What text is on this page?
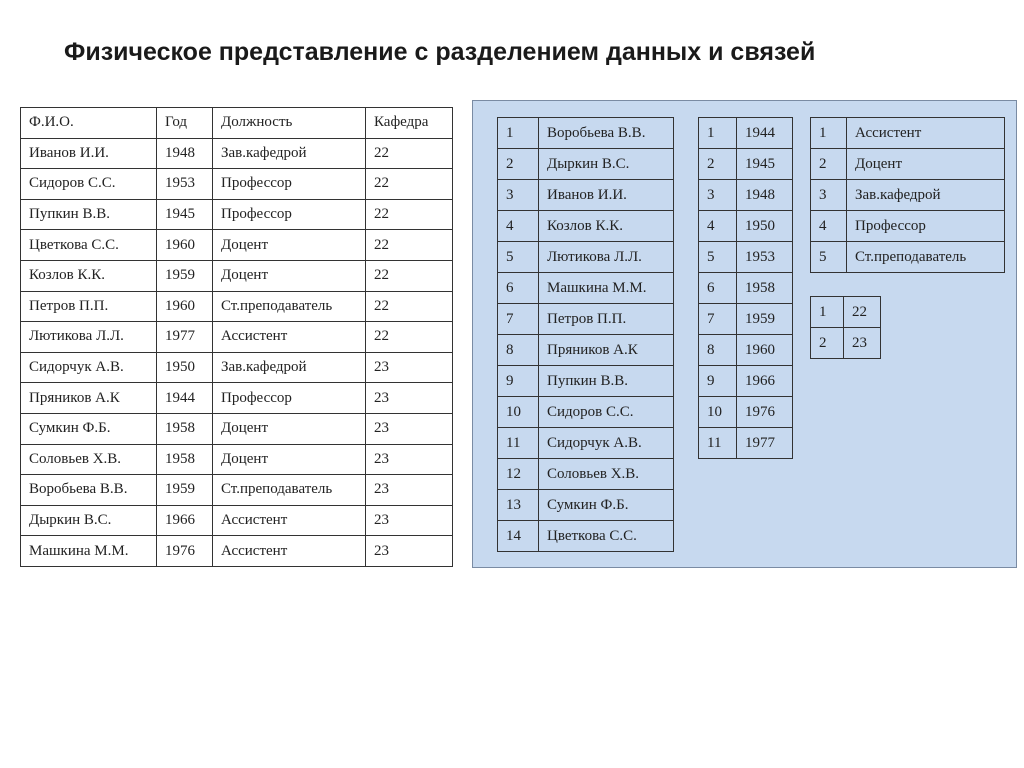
Физическое представление с разделением данных и связей
Ф.И.О.	Год	Должность	Кафедра
Иванов И.И.	1948	Зав.кафедрой	22
Сидоров С.С.	1953	Профессор	22
Пупкин В.В.	1945	Профессор	22
Цветкова С.С.	1960	Доцент	22
Козлов К.К.	1959	Доцент	22
Петров П.П.	1960	Ст.преподаватель	22
Лютикова Л.Л.	1977	Ассистент	22
Сидорчук А.В.	1950	Зав.кафедрой	23
Пряников А.К	1944	Профессор	23
Сумкин Ф.Б.	1958	Доцент	23
Соловьев Х.В.	1958	Доцент	23
Воробьева В.В.	1959	Ст.преподаватель	23
Дыркин В.С.	1966	Ассистент	23
Машкина М.М.	1976	Ассистент	23
1	Воробьева В.В.
2	Дыркин В.С.
3	Иванов И.И.
4	Козлов К.К.
5	Лютикова Л.Л.
6	Машкина М.М.
7	Петров П.П.
8	Пряников А.К
9	Пупкин В.В.
10	Сидоров С.С.
11	Сидорчук А.В.
12	Соловьев Х.В.
13	Сумкин Ф.Б.
14	Цветкова С.С.
1	1944
2	1945
3	1948
4	1950
5	1953
6	1958
7	1959
8	1960
9	1966
10	1976
11	1977
1	Ассистент
2	Доцент
3	Зав.кафедрой
4	Профессор
5	Ст.преподаватель
1	22
2	23
